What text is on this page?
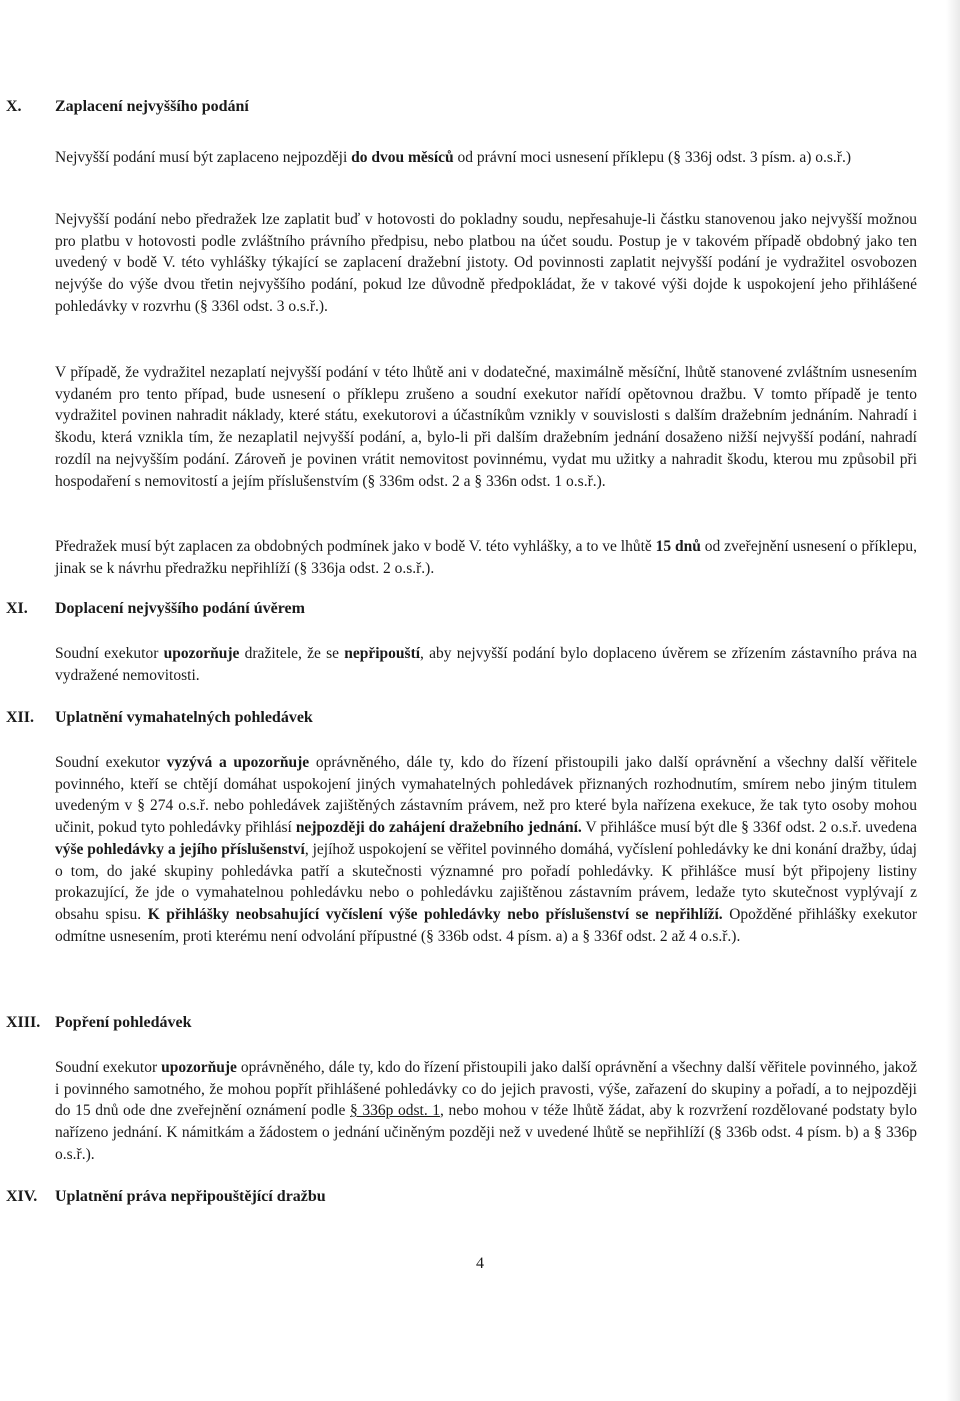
X. Zaplacení nejvyššího podání

Nejvyšší podání musí být zaplaceno nejpozději do dvou měsíců od právní moci usnesení příklepu (§ 336j odst. 3 písm. a) o.s.ř.)

Nejvyšší podání nebo předražek lze zaplatit buď v hotovosti do pokladny soudu, nepřesahuje-li částku stanovenou jako nejvyšší možnou pro platbu v hotovosti podle zvláštního právního předpisu, nebo platbou na účet soudu. Postup je v takovém případě obdobný jako ten uvedený v bodě V. této vyhlášky týkající se zaplacení dražební jistoty. Od povinnosti zaplatit nejvyšší podání je vydražitel osvobozen nejvýše do výše dvou třetin nejvyššího podání, pokud lze důvodně předpokládat, že v takové výši dojde k uspokojení jeho přihlášené pohledávky v rozvrhu (§ 336l odst. 3 o.s.ř.).

V případě, že vydražitel nezaplatí nejvyšší podání v této lhůtě ani v dodatečné, maximálně měsíční, lhůtě stanovené zvláštním usnesením vydaném pro tento případ, bude usnesení o příklepu zrušeno a soudní exekutor nařídí opětovnou dražbu. V tomto případě je tento vydražitel povinen nahradit náklady, které státu, exekutorovi a účastníkům vznikly v souvislosti s dalším dražebním jednáním. Nahradí i škodu, která vznikla tím, že nezaplatil nejvyšší podání, a, bylo-li při dalším dražebním jednání dosaženo nižší nejvyšší podání, nahradí rozdíl na nejvyšším podání. Zároveň je povinen vrátit nemovitost povinnému, vydat mu užitky a nahradit škodu, kterou mu způsobil při hospodaření s nemovitostí a jejím příslušenstvím (§ 336m odst. 2 a § 336n odst. 1 o.s.ř.).

Předražek musí být zaplacen za obdobných podmínek jako v bodě V. této vyhlášky, a to ve lhůtě 15 dnů od zveřejnění usnesení o příklepu, jinak se k návrhu předražku nepřihlíží (§ 336ja odst. 2 o.s.ř.).

XI. Doplacení nejvyššího podání úvěrem

Soudní exekutor upozorňuje dražitele, že se nepřipouští, aby nejvyšší podání bylo doplaceno úvěrem se zřízením zástavního práva na vydražené nemovitosti.

XII. Uplatnění vymahatelných pohledávek

Soudní exekutor vyzývá a upozorňuje oprávněného, dále ty, kdo do řízení přistoupili jako další oprávnění a všechny další věřitele povinného, kteří se chtějí domáhat uspokojení jiných vymahatelných pohledávek přiznaných rozhodnutím, smírem nebo jiným titulem uvedeným v § 274 o.s.ř. nebo pohledávek zajištěných zástavním právem, než pro které byla nařízena exekuce, že tak tyto osoby mohou učinit, pokud tyto pohledávky přihlásí nejpozději do zahájení dražebního jednání. V přihlášce musí být dle § 336f odst. 2 o.s.ř. uvedena výše pohledávky a jejího příslušenství, jejíhož uspokojení se věřitel povinného domáhá, vyčíslení pohledávky ke dni konání dražby, údaj o tom, do jaké skupiny pohledávka patří a skutečnosti významné pro pořadí pohledávky. K přihlášce musí být připojeny listiny prokazující, že jde o vymahatelnou pohledávku nebo o pohledávku zajištěnou zástavním právem, ledaže tyto skutečnost vyplývají z obsahu spisu. K přihlášky neobsahující vyčíslení výše pohledávky nebo příslušenství se nepřihlíží. Opožděné přihlášky exekutor odmítne usnesením, proti kterému není odvolání přípustné (§ 336b odst. 4 písm. a) a § 336f odst. 2 až 4 o.s.ř.).

XIII. Popření pohledávek

Soudní exekutor upozorňuje oprávněného, dále ty, kdo do řízení přistoupili jako další oprávnění a všechny další věřitele povinného, jakož i povinného samotného, že mohou popřít přihlášené pohledávky co do jejich pravosti, výše, zařazení do skupiny a pořadí, a to nejpozději do 15 dnů ode dne zveřejnění oznámení podle § 336p odst. 1, nebo mohou v téže lhůtě žádat, aby k rozvržení rozdělované podstaty bylo nařízeno jednání. K námitkám a žádostem o jednání učiněným později než v uvedené lhůtě se nepřihlíží (§ 336b odst. 4 písm. b) a § 336p o.s.ř.).

XIV. Uplatnění práva nepřipouštějící dražbu
4
